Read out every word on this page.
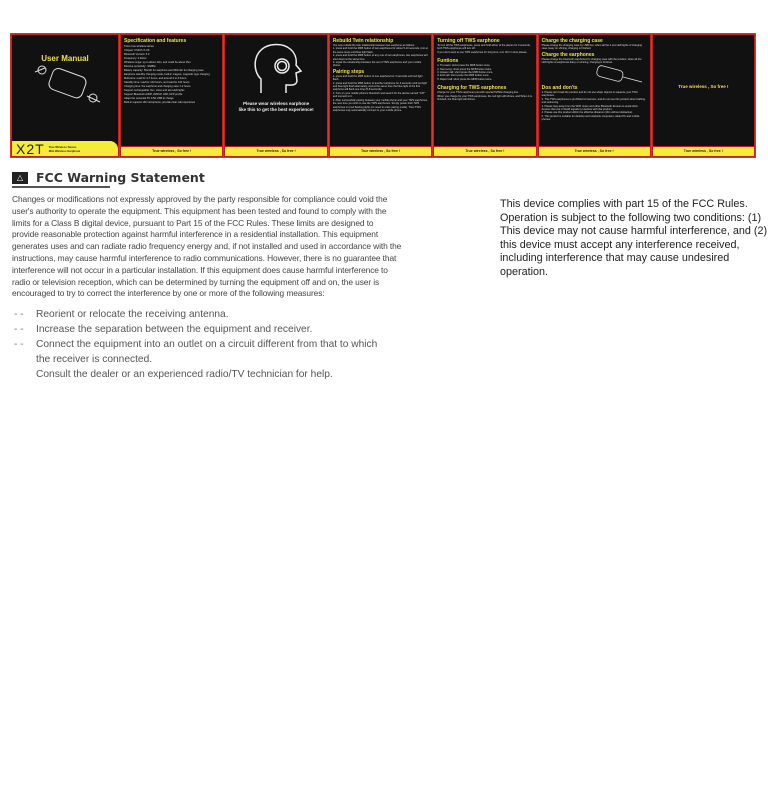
User Manual
X2T True Wireless Stereo
Mini Wireless Earphone
Specification and features
Twins true wireless stereo
Chipset: CSR 8 ch UK
Bluetooth Version: 5.0
Frequency: 2.4GHz
Wireless range: up to about 10m, and could be about 15m
Receive sensitivity: -90dBm
Battery capacity: 50mAh for earphone and 300mAh for charging case
Earphone standby charging mode, built-in magnet, magnetic type charging
Multi-time: read for 3-7 hours, and around 2 to 3 hours
Standby time: read for 120 hours, and read for 120 hours
Charging time: the earphone and charging case 1-2 hours
Support rechargeable, flex, voice and two-LED lights
Support Bluetooth A2DP, AVRCP, HSP, HFP profile
Adapt the universal 5V 0.5A USB to charge
Built-in superior HD microphone, provide clear call experience
True wireless , So free !
Please wear wireless earphone
like this to get the best experience!
True wireless , So free !
Rebuild Twin relationship
You may rebuild the twin relationship between two earphone as follows:
1. press and hold the MFB button of two earphones for about 5-10 seconds, (not at the same time) until blue light flash.
2. press and hold the MFB button of any one of two earphones, two earphones will shut down at the same time.
3. repair the relationship between the set of TWS earphones and your mobile phone.
Pairing steps
1. press and hold the MFB button of one earphone for 3 seconds until red light flash.
2. press and hold the MFB button of another earphone for 3 seconds until red light and blue light flash alternately, and at the same time the blue light of the first earphone will flash one time (5-8 seconds).
3. Turn on your mobile phone's bluetooth and search for the device named "X2T" and connect to it.
4. After successfully pairing between your mobile phone and your TWS earphones, the next time you wish to use the TWS earphones. Simply power both TWS earphones on (red flashing light) (no need to enter pairing mode). Then TWS earphones may automatically connect to your mobile phone.
True wireless , So free !
Turning off TWS earphone
To turn off the TWS earphones, press and hold either of the pieces for 3 seconds, both TWS earphones will turn off.
If you don't want to use TWS earphones for long time, turn off it in time please.
Funtions
1. To power: short press the MFB button once.
2. Next song: short press the MFB button twice.
3. Answer call: short press the MFB button once.
4. End call: short press the MFB button once.
5. Reject call: short press the MFB button twice.
Charging for TWS earphones
Charge for your TWS earphones just with special 5V/50A charging line.
When you charge for your TWS earphones, the red light will shines, and When it is finished, the blue light will shines.
True wireless , So free !
Charge the charging case
Please charge the charging case by USB line, when all the 4 pcs LED lights of charging case, Easy on shining, charging is finished.
Charge the earphones
Please charge the bluetooth earphones by charging case with the product, when all the LED lights of earphones Easy on shining, charging is finished.
Dos and don'ts
1. Please don't load the product and do not use sharp objects to squeeze your TWS earphones.
2. This TWS earphones is prohibited immersion, and do not use this product when bathing and swimming.
3. Please stay away from the WIFI router and other Bluetooth devices to avoid other devices that use 2.4GHZ signals to interfere with this product.
4. Please use this product within the effective distance (10m without obstacles).
5. This product is suitable for desktop and notebook computers, tablet PC and mobile phones.
True wireless , So free !
True wireless , So free !
True wireless , So free !
△	FCC Warning Statement
Changes or modifications not expressly approved by the party responsible for compliance could void the user's authority to operate the equipment. This equipment has been tested and found to comply with the limits for a Class B digital device, pursuant to Part 15 of the FCC Rules. These limits are designed to provide reasonable protection against harmful interference in a residential installation. This equipment generates uses and can radiate radio frequency energy and, if not installed and used in accordance with the instructions, may cause harmful interference to radio communications. However, there is no guarantee that interference will not occur in a particular installation. If this equipment does cause harmful interference to radio or television reception, which can be determined by turning the equipment off and on, the user is encouraged to try to correct the interference by one or more of the following measures:
- -	Reorient or relocate the receiving antenna.
- -	Increase the separation between the equipment and receiver.
- -	Connect the equipment into an outlet on a circuit different from that to which
the receiver is connected.
Consult the dealer or an experienced radio/TV technician for help.
This device complies with part 15 of the FCC Rules. Operation is subject to the following two conditions: (1) This device may not cause harmful interference, and (2) this device must accept any interference received, including interference that may cause undesired operation.
